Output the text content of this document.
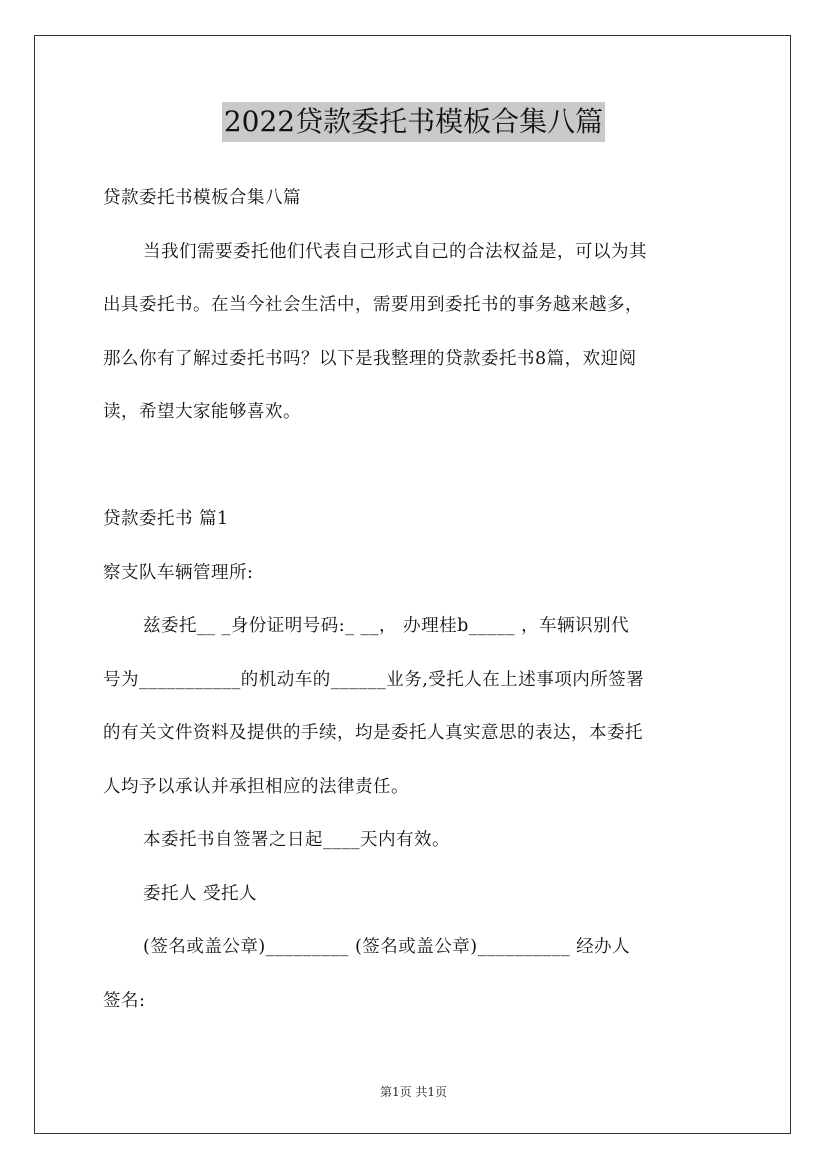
2022贷款委托书模板合集八篇
贷款委托书模板合集八篇
当我们需要委托他们代表自己形式自己的合法权益是，可以为其
出具委托书。在当今社会生活中，需要用到委托书的事务越来越多，
那么你有了解过委托书吗？以下是我整理的贷款委托书8篇，欢迎阅
读，希望大家能够喜欢。
贷款委托书 篇1
察支队车辆管理所:
兹委托__ _身份证明号码:_ __， 办理桂b_____ ，车辆识别代
号为___________的机动车的______业务,受托人在上述事项内所签署
的有关文件资料及提供的手续，均是委托人真实意思的表达，本委托
人均予以承认并承担相应的法律责任。
本委托书自签署之日起____天内有效。
委托人 受托人
(签名或盖公章)_________ (签名或盖公章)__________ 经办人
签名:
第1页 共1页
